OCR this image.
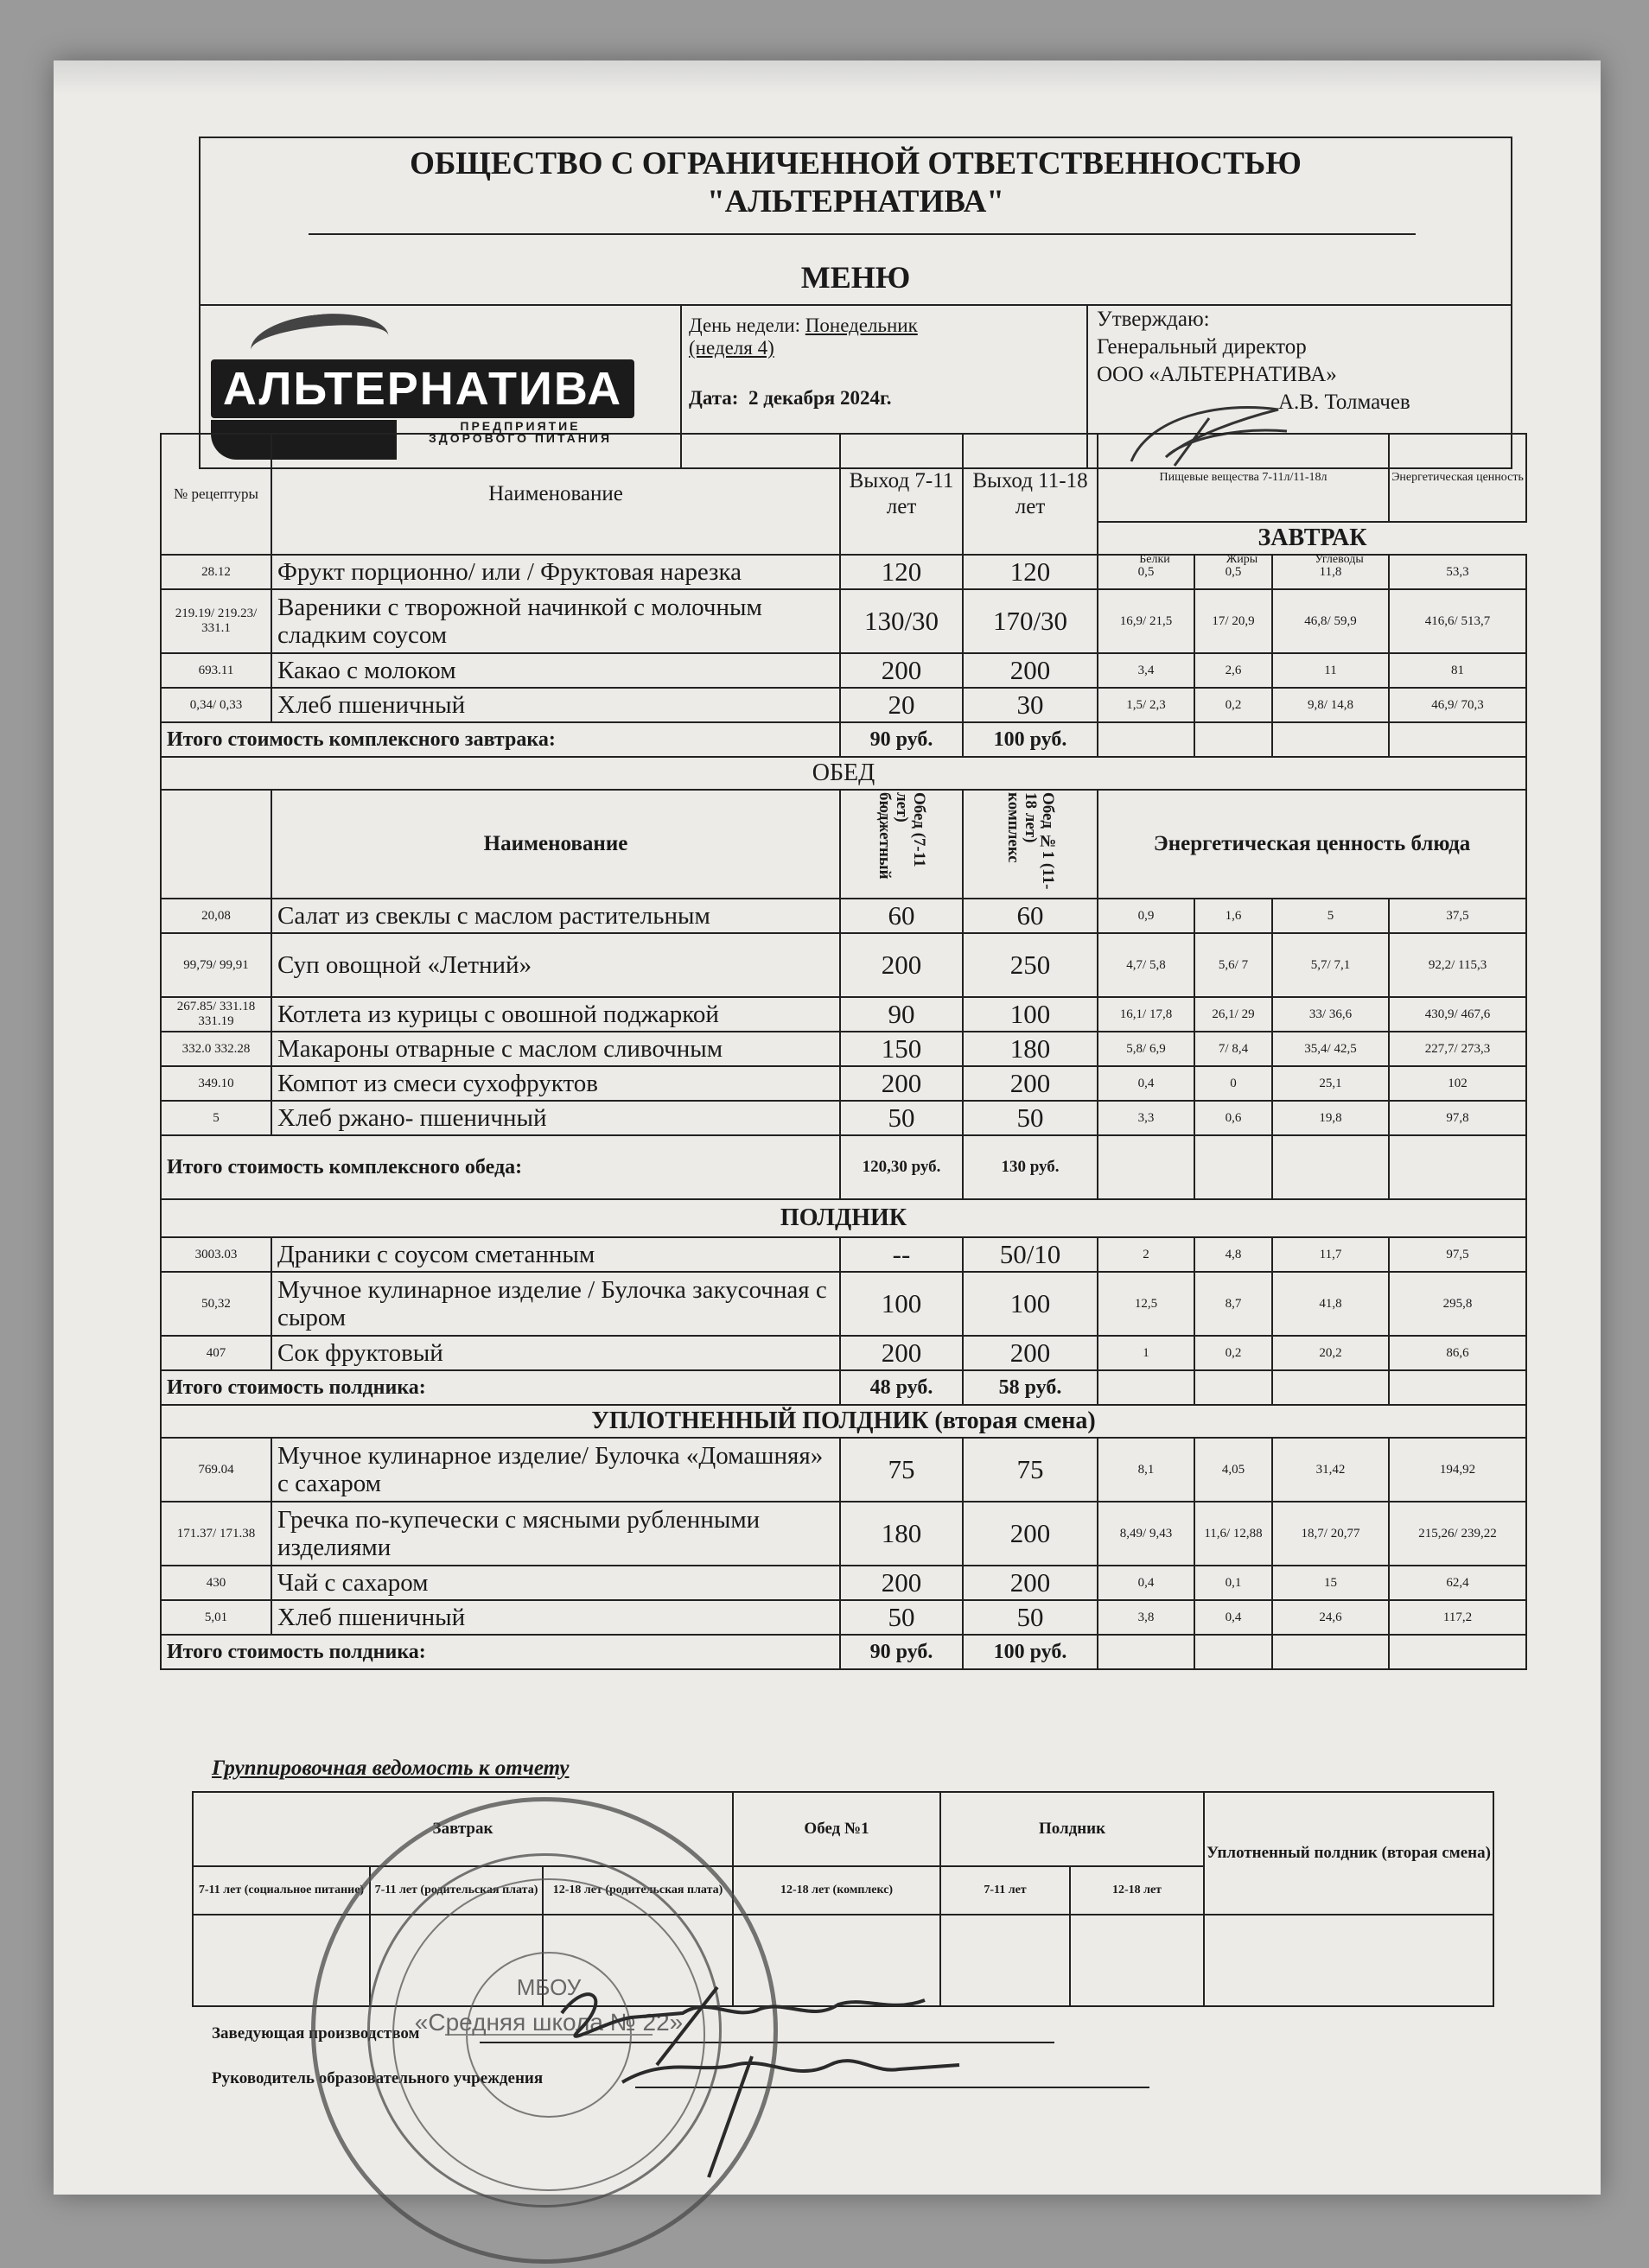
ОБЩЕСТВО С ОГРАНИЧЕННОЙ ОТВЕТСТВЕННОСТЬЮ
"АЛЬТЕРНАТИВА"
МЕНЮ
АЛЬТЕРНАТИВА
ПРЕДПРИЯТИЕ ЗДОРОВОГО ПИТАНИЯ
День недели: Понедельник
(неделя 4)
Дата: 2 декабря 2024г.
Утверждаю:
Генеральный директор
ООО «АЛЬТЕРНАТИВА»
А.В. Толмачев
№ рецептуры	Наименование	Выход 7-11 лет	Выход 11-18 лет	Пищевые вещества 7-11л/11-18л			Энергетическая ценность
				ЗАВТРАК			
28.12	Фрукт порционно/ или / Фруктовая нарезка	120	120	0,5	0,5	11,8	53,3
219.19/ 219.23/ 331.1	Вареники с творожной начинкой с молочным сладким соусом	130/30	170/30	16,9/ 21,5	17/ 20,9	46,8/ 59,9	416,6/ 513,7
693.11	Какао с молоком	200	200	3,4	2,6	11	81
0,34/ 0,33	Хлеб пшеничный	20	30	1,5/ 2,3	0,2	9,8/ 14,8	46,9/ 70,3
Итого стоимость комплексного завтрака:		90 руб.	100 руб.				
ОБЕД							
	Наименование	Обед (7-11 лет) бюджетный	Обед №1 (11-18 лет) комплекс	Энергетическая ценность блюда			
20,08	Салат из свеклы с маслом растительным	60	60	0,9	1,6	5	37,5
99,79/ 99,91	Суп овощной «Летний»	200	250	4,7/ 5,8	5,6/ 7	5,7/ 7,1	92,2/ 115,3
267.85/ 331.18 331.19	Котлета из курицы с овошной поджаркой	90	100	16,1/ 17,8	26,1/ 29	33/ 36,6	430,9/ 467,6
332.0 332.28	Макароны отварные с маслом сливочным	150	180	5,8/ 6,9	7/ 8,4	35,4/ 42,5	227,7/ 273,3
349.10	Компот из смеси сухофруктов	200	200	0,4	0	25,1	102
5	Хлеб ржано- пшеничный	50	50	3,3	0,6	19,8	97,8
Итого стоимость комплексного обеда:		120,30 руб.	130 руб.				
ПОЛДНИК							
3003.03	Драники с соусом сметанным	--	50/10	2	4,8	11,7	97,5
50,32	Мучное кулинарное изделие / Булочка закусочная с сыром	100	100	12,5	8,7	41,8	295,8
407	Сок фруктовый	200	200	1	0,2	20,2	86,6
Итого стоимость полдника:		48 руб.	58 руб.				
УПЛОТНЕННЫЙ ПОЛДНИК (вторая смена)							
769.04	Мучное кулинарное изделие/ Булочка «Домашняя» с сахаром	75	75	8,1	4,05	31,42	194,92
171.37/ 171.38	Гречка по-купечески с мясными рубленными изделиями	180	200	8,49/ 9,43	11,6/ 12,88	18,7/ 20,77	215,26/ 239,22
430	Чай с сахаром	200	200	0,4	0,1	15	62,4
5,01	Хлеб пшеничный	50	50	3,8	0,4	24,6	117,2
Итого стоимость полдника:		90 руб.	100 руб.				
Белки	Жиры	Углеводы
Группировочная ведомость к отчету
Завтрак			Обед №1	Полдник		Уплотненный полдник (вторая смена)
7-11 лет (социальное питание)	7-11 лет (родительская плата)	12-18 лет (родительская плата)	12-18 лет (комплекс)	7-11 лет	12-18 лет	

Заведующая производством
Руководитель образовательного учреждения
МБОУ
«Средняя школа № 22»
